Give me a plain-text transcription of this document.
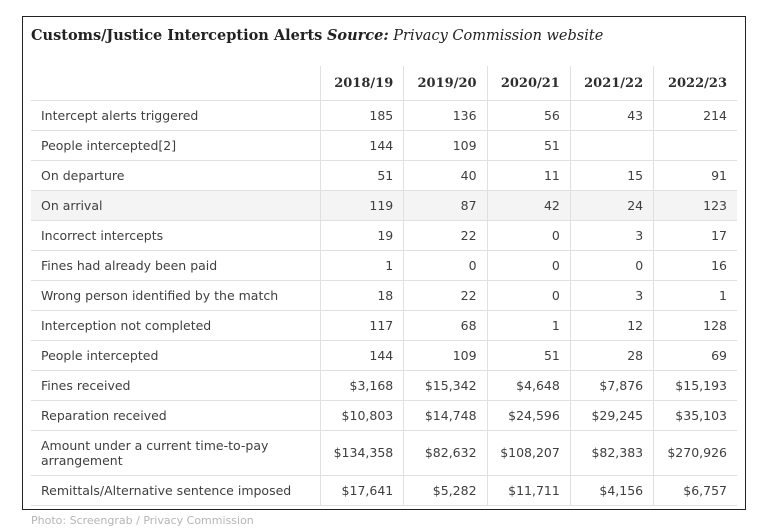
Customs/Justice Interception Alerts Source: Privacy Commission website
	2018/19	2019/20	2020/21	2021/22	2022/23
Intercept alerts triggered	185	136	56	43	214
People intercepted[2]	144	109	51		
On departure	51	40	11	15	91
On arrival	119	87	42	24	123
Incorrect intercepts	19	22	0	3	17
Fines had already been paid	1	0	0	0	16
Wrong person identified by the match	18	22	0	3	1
Interception not completed	117	68	1	12	128
People intercepted	144	109	51	28	69
Fines received	$3,168	$15,342	$4,648	$7,876	$15,193
Reparation received	$10,803	$14,748	$24,596	$29,245	$35,103
Amount under a current time-to-pay arrangement	$134,358	$82,632	$108,207	$82,383	$270,926
Remittals/Alternative sentence imposed	$17,641	$5,282	$11,711	$4,156	$6,757
Photo: Screengrab / Privacy Commission
